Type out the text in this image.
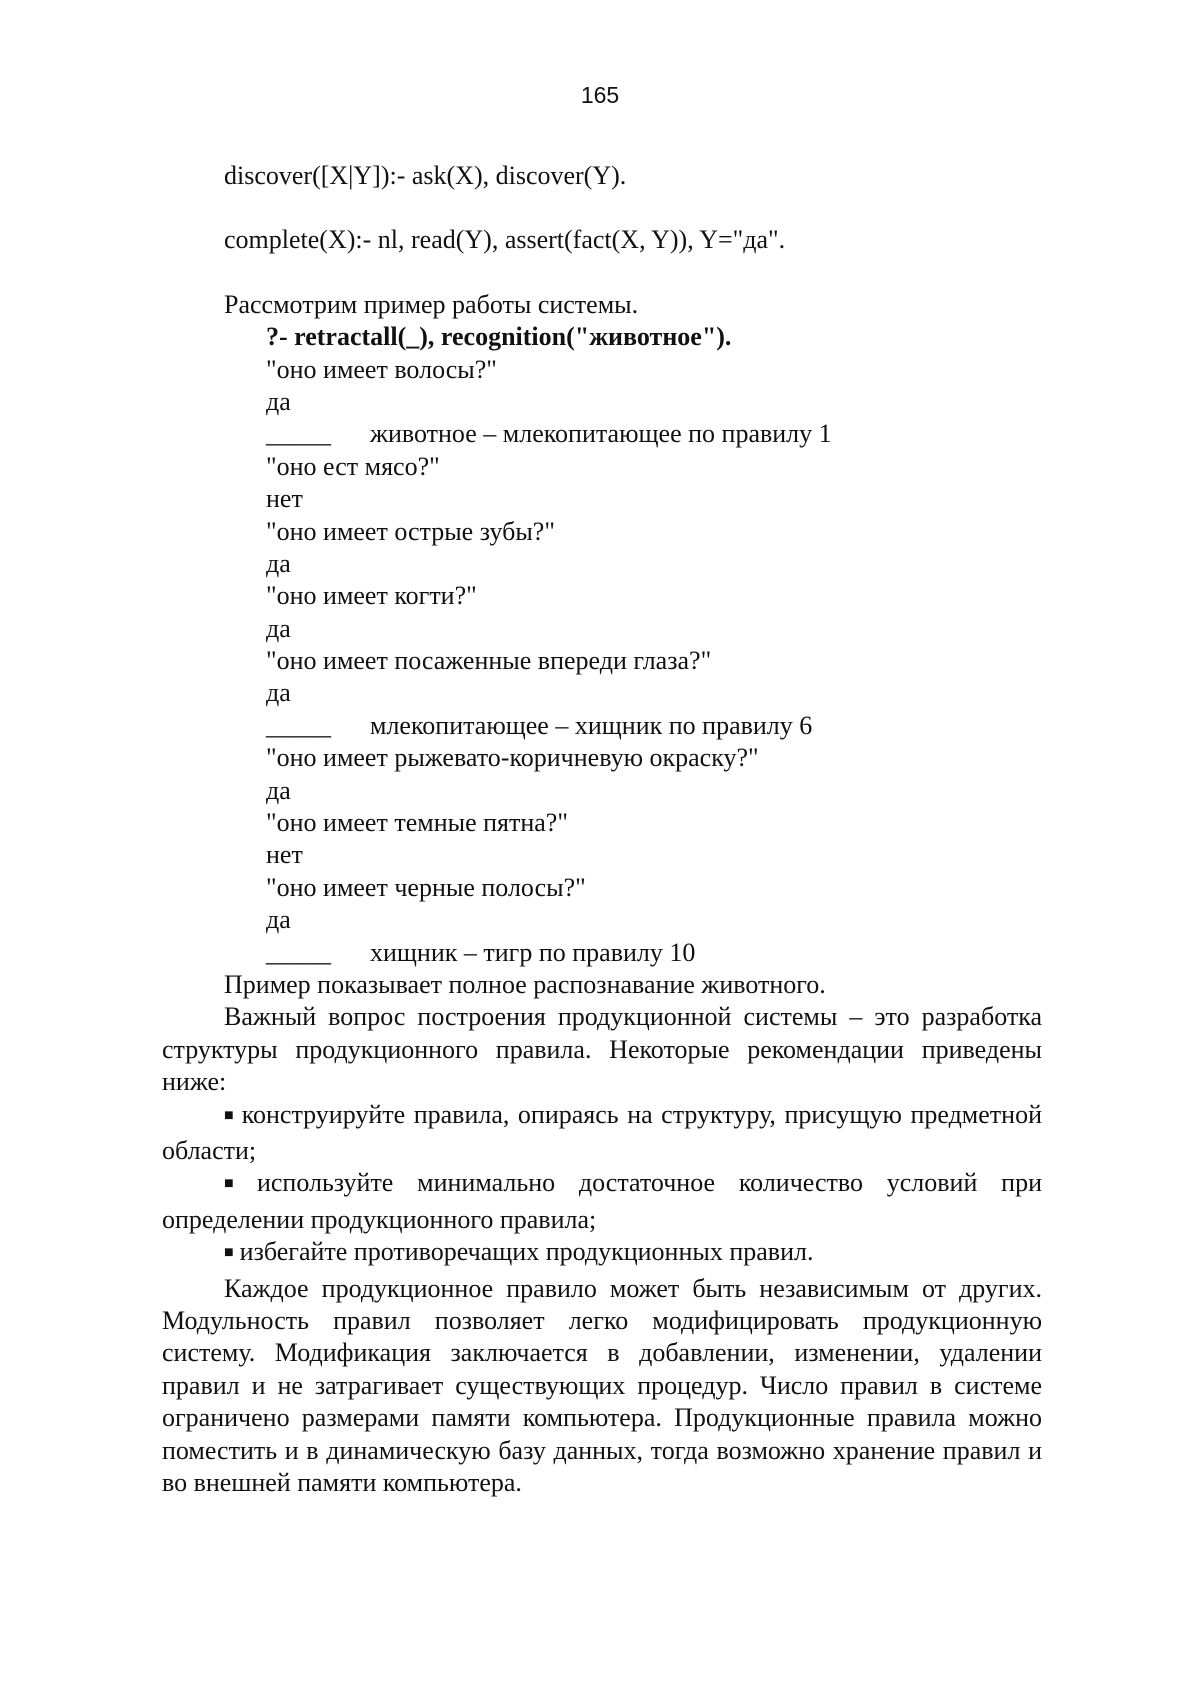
165
discover([X|Y]):- ask(X), discover(Y).
complete(X):- nl, read(Y), assert(fact(X, Y)), Y="да".
Рассмотрим пример работы системы.
?- retractall(_), recognition("животное").
"оно имеет волосы?"
да
_____	животное – млекопитающее по правилу 1
"оно ест мясо?"
нет
"оно имеет острые зубы?"
да
"оно имеет когти?"
да
"оно имеет посаженные впереди глаза?"
да
_____	млекопитающее – хищник по правилу 6
"оно имеет рыжевато-коричневую окраску?"
да
"оно имеет темные пятна?"
нет
"оно имеет черные полосы?"
да
_____	хищник – тигр по правилу 10
Пример показывает полное распознавание животного.

Важный вопрос построения продукционной системы – это разработка структуры продукционного правила. Некоторые рекомендации приведены ниже:

■ конструируйте правила, опираясь на структуру, присущую предметной области;

■ используйте минимально достаточное количество условий при определении продукционного правила;

■ избегайте противоречащих продукционных правил.

Каждое продукционное правило может быть независимым от других. Модульность правил позволяет легко модифицировать продукционную систему. Модификация заключается в добавлении, изменении, удалении правил и не затрагивает существующих процедур. Число правил в системе ограничено размерами памяти компьютера. Продукционные правила можно поместить и в динамическую базу данных, тогда возможно хранение правил и во внешней памяти компьютера.
